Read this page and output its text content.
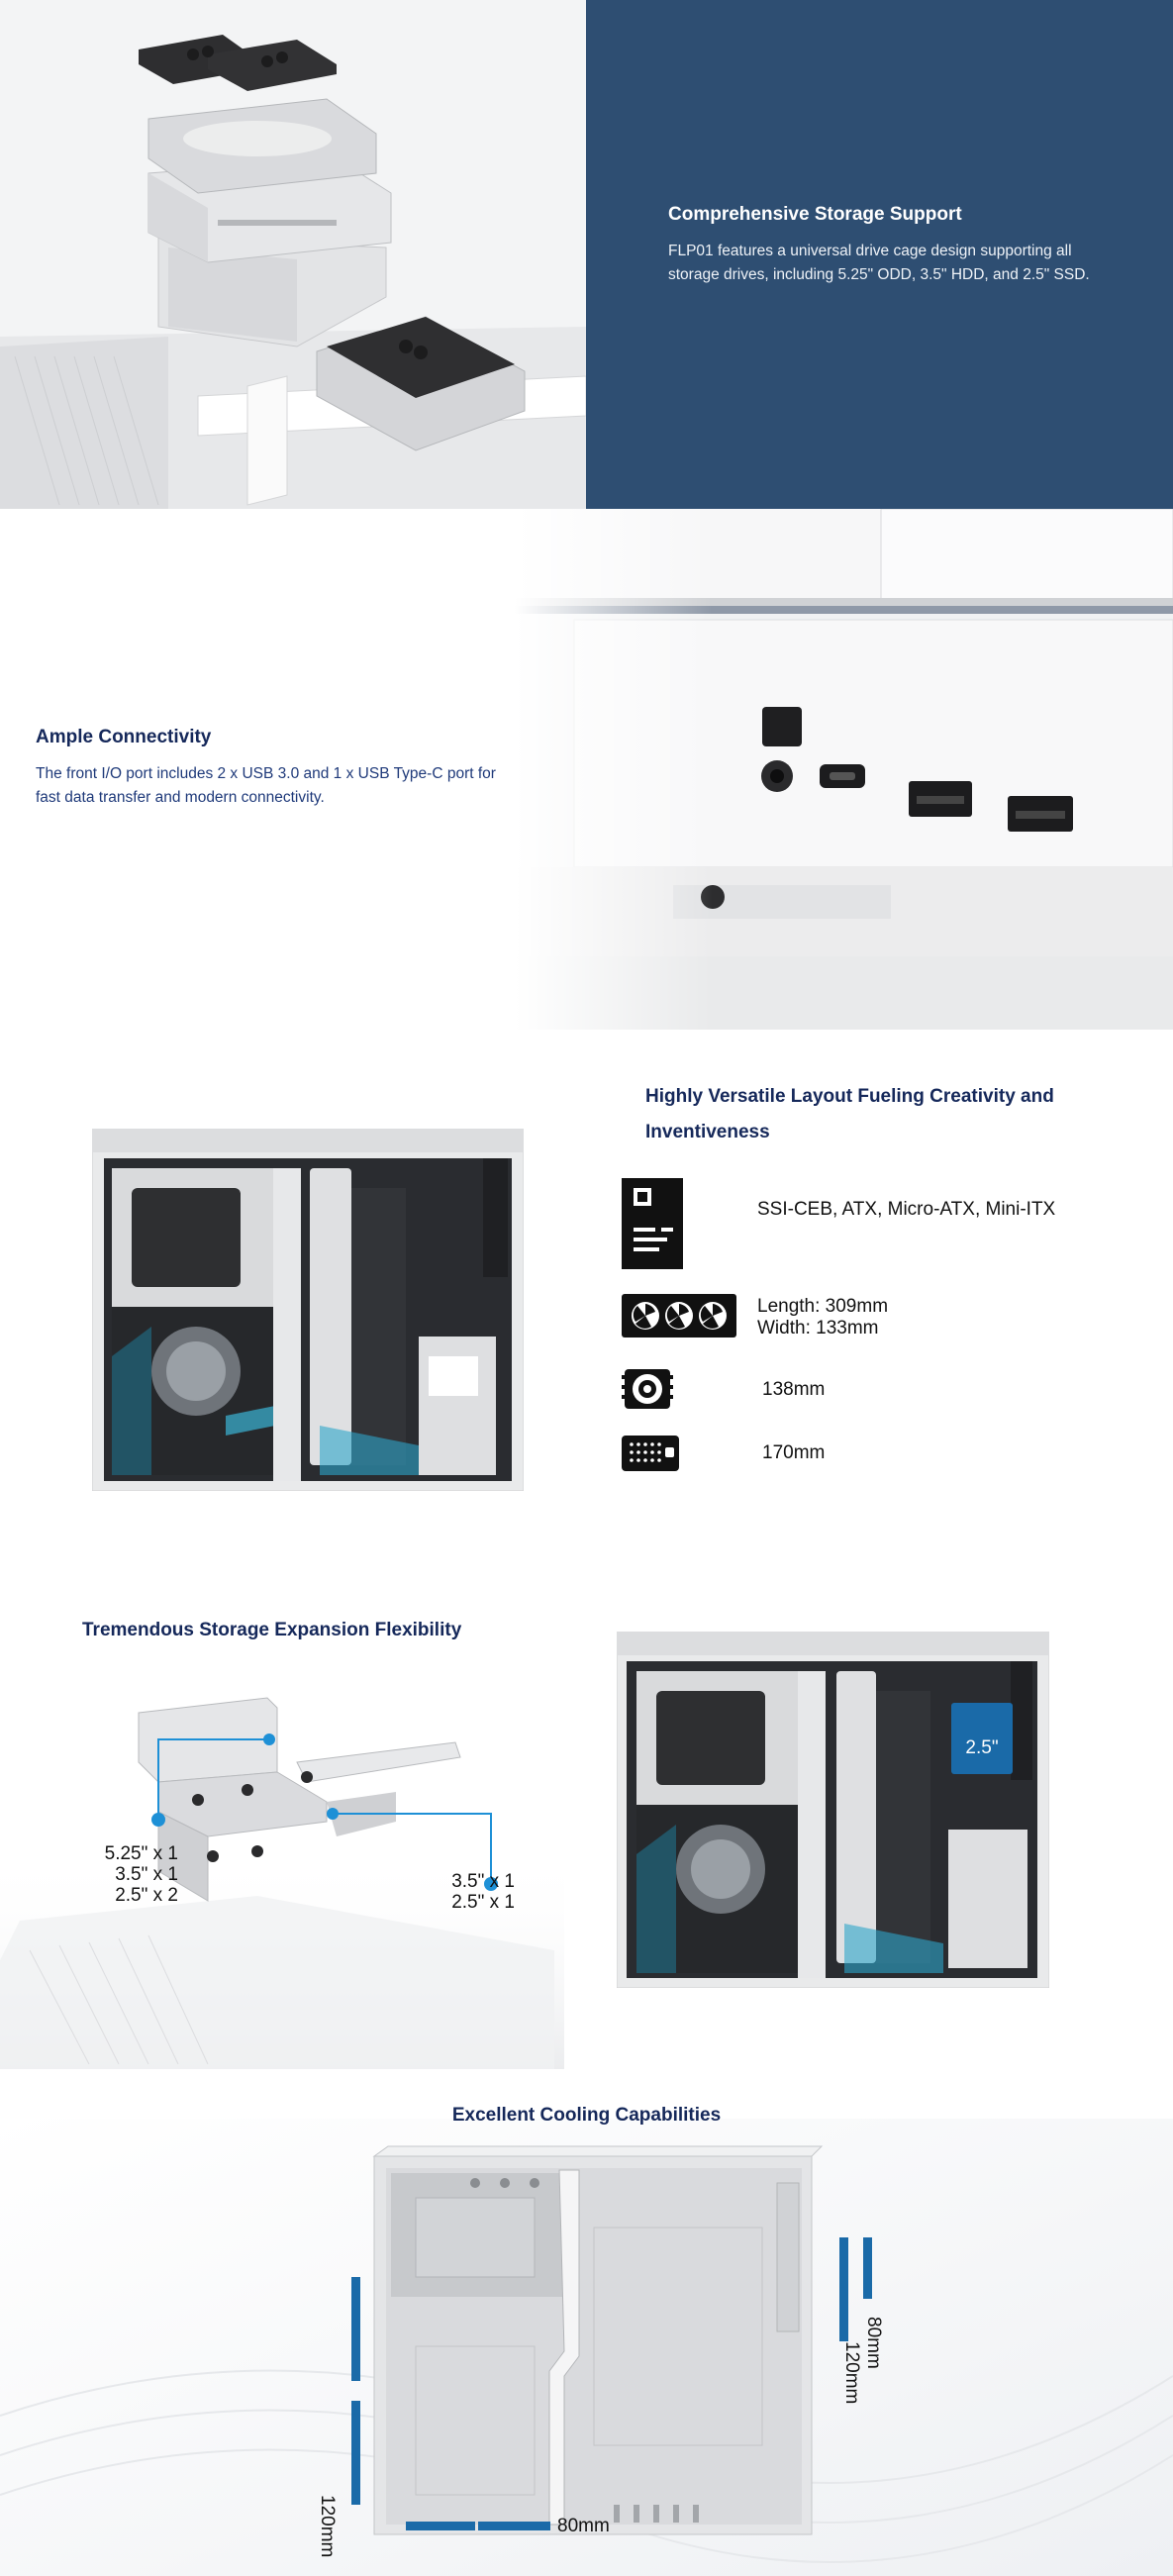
Comprehensive Storage Support

FLP01 features a universal drive cage design supporting all storage drives, including 5.25" ODD, 3.5" HDD, and 2.5" SSD.

Ample Connectivity

The front I/O port includes 2 x USB 3.0 and 1 x USB Type-C port for fast data transfer and modern connectivity.

Highly Versatile Layout Fueling Creativity and Inventiveness
SSI-CEB, ATX, Micro-ATX, Mini-ITX
Length: 309mm
Width: 133mm
138mm
170mm
Tremendous Storage Expansion Flexibility
5.25" x 1
3.5" x 1
2.5" x 2
3.5" x 1
2.5" x 1
2.5"
Excellent Cooling Capabilities
120mm	80mm
120mm 80mm
